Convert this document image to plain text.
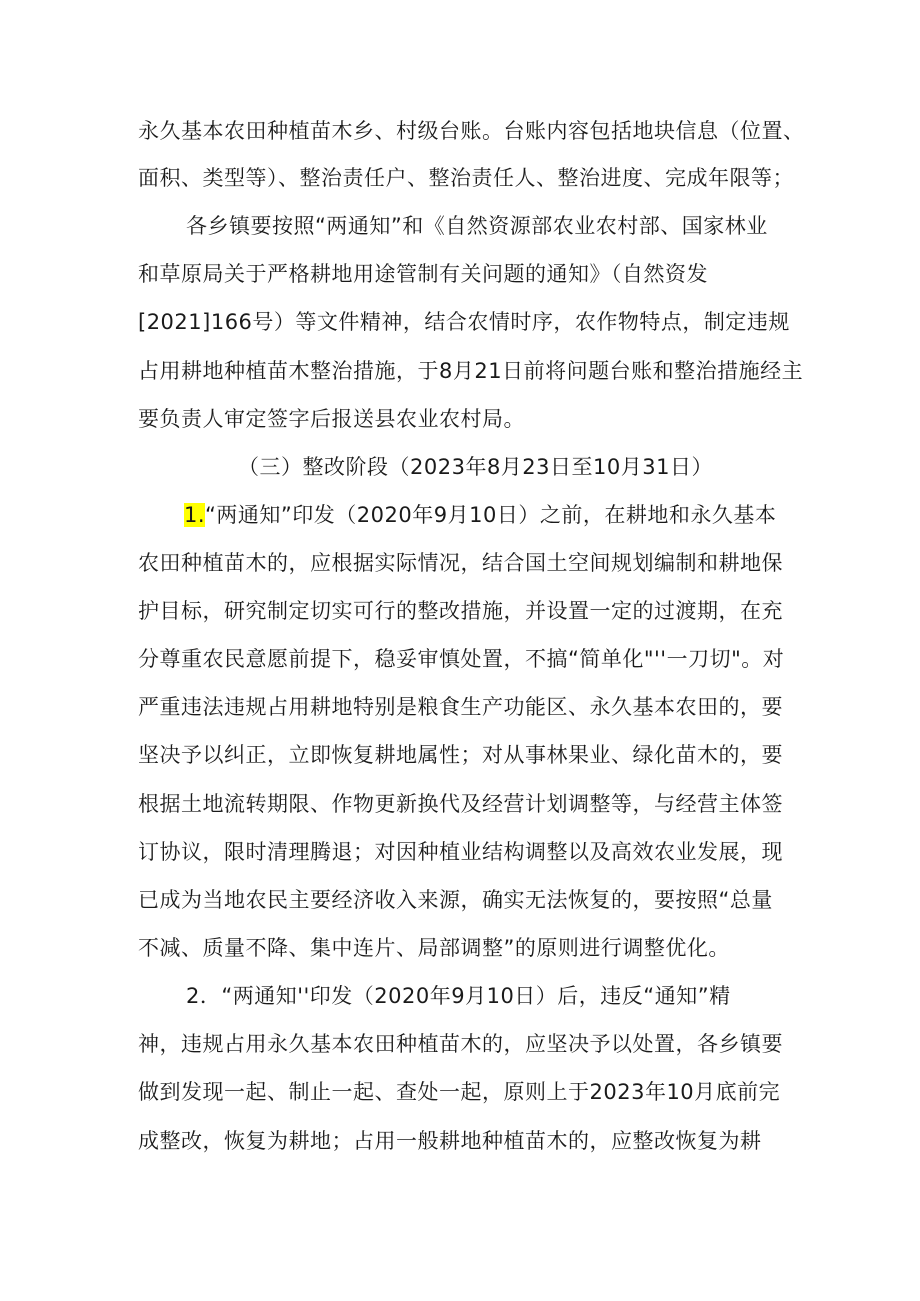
永久基本农田种植苗木乡、村级台账。台账内容包括地块信息（位置、
面积、类型等）、整治责任户、整治责任人、整治进度、完成年限等；
各乡镇要按照“两通知”和《自然资源部农业农村部、国家林业
和草原局关于严格耕地用途管制有关问题的通知》（自然资发
[2021]166号）等文件精神，结合农情时序，农作物特点，制定违规
占用耕地种植苗木整治措施，于8月21日前将问题台账和整治措施经主
要负责人审定签字后报送县农业农村局。
（三）整改阶段（2023年8月23日至10月31日）
1.“两通知”印发（2020年9月10日）之前，在耕地和永久基本
农田种植苗木的，应根据实际情况，结合国土空间规划编制和耕地保
护目标，研究制定切实可行的整改措施，并设置一定的过渡期，在充
分尊重农民意愿前提下，稳妥审慎处置，不搞“简单化"''一刀切"。对
严重违法违规占用耕地特别是粮食生产功能区、永久基本农田的，要
坚决予以纠正，立即恢复耕地属性；对从事林果业、绿化苗木的，要
根据土地流转期限、作物更新换代及经营计划调整等，与经营主体签
订协议，限时清理腾退；对因种植业结构调整以及高效农业发展，现
已成为当地农民主要经济收入来源，确实无法恢复的，要按照“总量
不减、质量不降、集中连片、局部调整”的原则进行调整优化。
2．“两通知''印发（2020年9月10日）后，违反“通知”精
神，违规占用永久基本农田种植苗木的，应坚决予以处置，各乡镇要
做到发现一起、制止一起、查处一起，原则上于2023年10月底前完
成整改，恢复为耕地；占用一般耕地种植苗木的，应整改恢复为耕
